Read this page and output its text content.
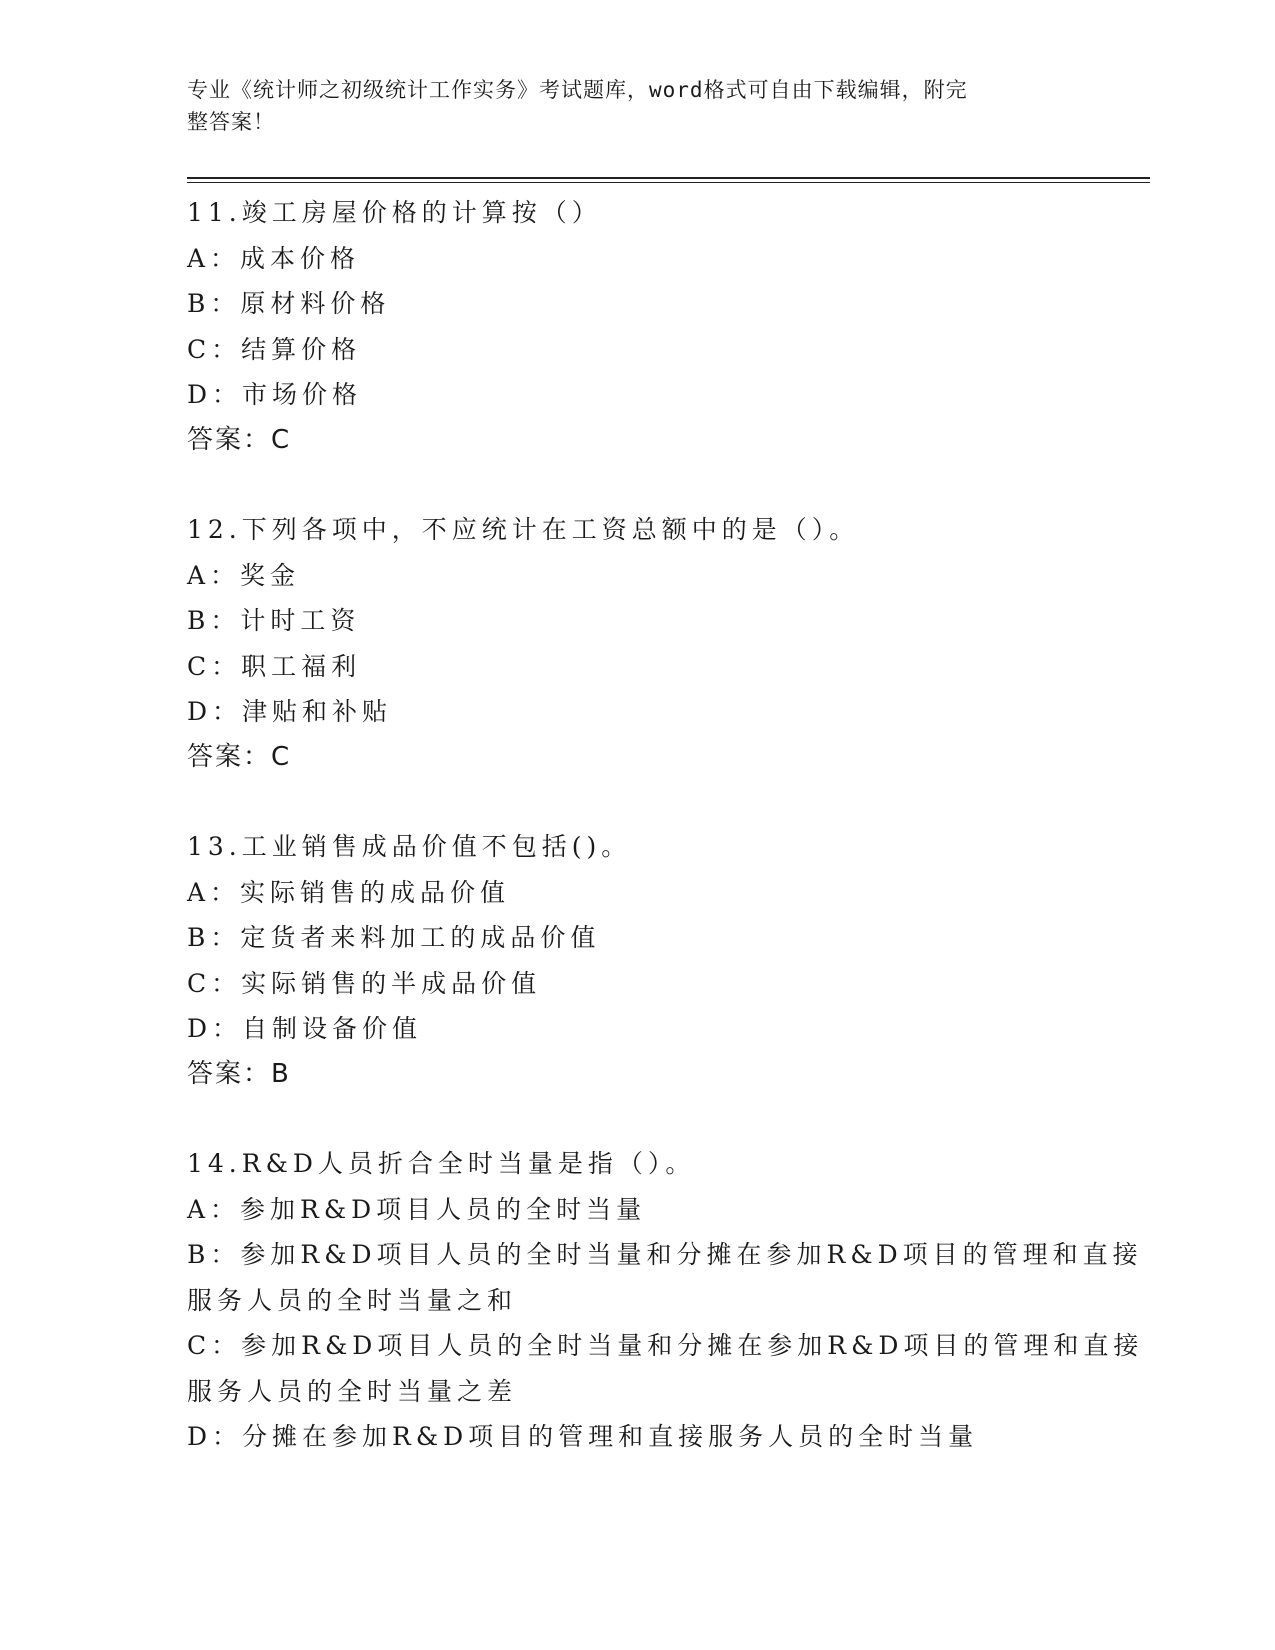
专业《统计师之初级统计工作实务》考试题库，word格式可自由下载编辑，附完
整答案！
11.竣工房屋价格的计算按（）
A：成本价格
B：原材料价格
C：结算价格
D：市场价格
答案：C
12.下列各项中，不应统计在工资总额中的是（）。
A：奖金
B：计时工资
C：职工福利
D：津贴和补贴
答案：C
13.工业销售成品价值不包括()。
A：实际销售的成品价值
B：定货者来料加工的成品价值
C：实际销售的半成品价值
D：自制设备价值
答案：B
14.R&D人员折合全时当量是指（）。
A：参加R&D项目人员的全时当量
B：参加R&D项目人员的全时当量和分摊在参加R&D项目的管理和直接
服务人员的全时当量之和
C：参加R&D项目人员的全时当量和分摊在参加R&D项目的管理和直接
服务人员的全时当量之差
D：分摊在参加R&D项目的管理和直接服务人员的全时当量
